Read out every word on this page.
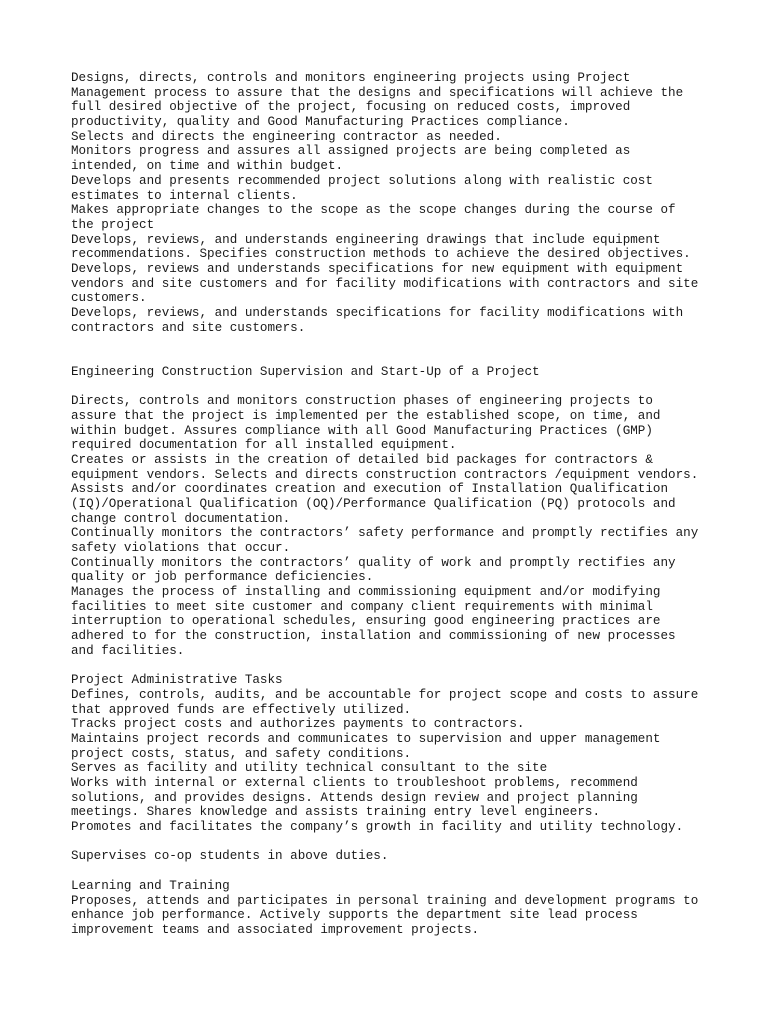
Designs, directs, controls and monitors engineering projects using Project
Management process to assure that the designs and specifications will achieve the
full desired objective of the project, focusing on reduced costs, improved
productivity, quality and Good Manufacturing Practices compliance.
Selects and directs the engineering contractor as needed.
Monitors progress and assures all assigned projects are being completed as
intended, on time and within budget.
Develops and presents recommended project solutions along with realistic cost
estimates to internal clients.
Makes appropriate changes to the scope as the scope changes during the course of
the project
Develops, reviews, and understands engineering drawings that include equipment
recommendations. Specifies construction methods to achieve the desired objectives.
Develops, reviews and understands specifications for new equipment with equipment
vendors and site customers and for facility modifications with contractors and site
customers.
Develops, reviews, and understands specifications for facility modifications with
contractors and site customers.
Engineering Construction Supervision and Start-Up of a Project
Directs, controls and monitors construction phases of engineering projects to
assure that the project is implemented per the established scope, on time, and
within budget. Assures compliance with all Good Manufacturing Practices (GMP)
required documentation for all installed equipment.
Creates or assists in the creation of detailed bid packages for contractors &
equipment vendors. Selects and directs construction contractors /equipment vendors.
Assists and/or coordinates creation and execution of Installation Qualification
(IQ)/Operational Qualification (OQ)/Performance Qualification (PQ) protocols and
change control documentation.
Continually monitors the contractors’ safety performance and promptly rectifies any
safety violations that occur.
Continually monitors the contractors’ quality of work and promptly rectifies any
quality or job performance deficiencies.
Manages the process of installing and commissioning equipment and/or modifying
facilities to meet site customer and company client requirements with minimal
interruption to operational schedules, ensuring good engineering practices are
adhered to for the construction, installation and commissioning of new processes
and facilities.
Project Administrative Tasks
Defines, controls, audits, and be accountable for project scope and costs to assure
that approved funds are effectively utilized.
Tracks project costs and authorizes payments to contractors.
Maintains project records and communicates to supervision and upper management
project costs, status, and safety conditions.
Serves as facility and utility technical consultant to the site
Works with internal or external clients to troubleshoot problems, recommend
solutions, and provides designs. Attends design review and project planning
meetings. Shares knowledge and assists training entry level engineers.
Promotes and facilitates the company’s growth in facility and utility technology.
Supervises co-op students in above duties.
Learning and Training
Proposes, attends and participates in personal training and development programs to
enhance job performance. Actively supports the department site lead process
improvement teams and associated improvement projects.
